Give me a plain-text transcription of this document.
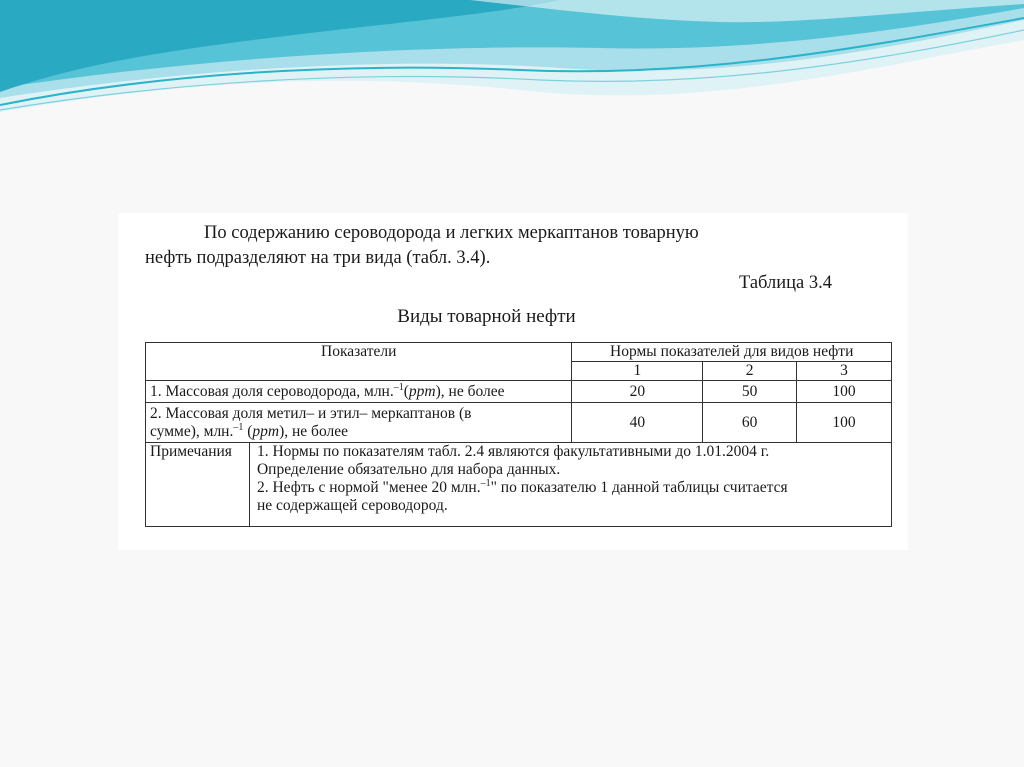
По содержанию сероводорода и легких меркаптанов товарную
нефть подразделяют на три вида (табл. 3.4).
Таблица 3.4
Виды товарной нефти
Показатели		Нормы показателей для видов нефти		
		1	2	3
1. Массовая доля сероводорода, млн.$^{-1}$(ppm), не более		20	50	100

2. Массовая доля метил– и этил– меркаптанов (в
сумме), млн.$^{-1}$ (ppm), не более		40	60	100
Примечания	1. Нормы по показателям табл. 2.4 являются факультативными до 1.01.2004 г.
Определение обязательно для набора данных.
2. Нефть с нормой "менее 20 млн.$^{-1}$" по показателю 1 данной таблицы считается
не содержащей сероводород.			
